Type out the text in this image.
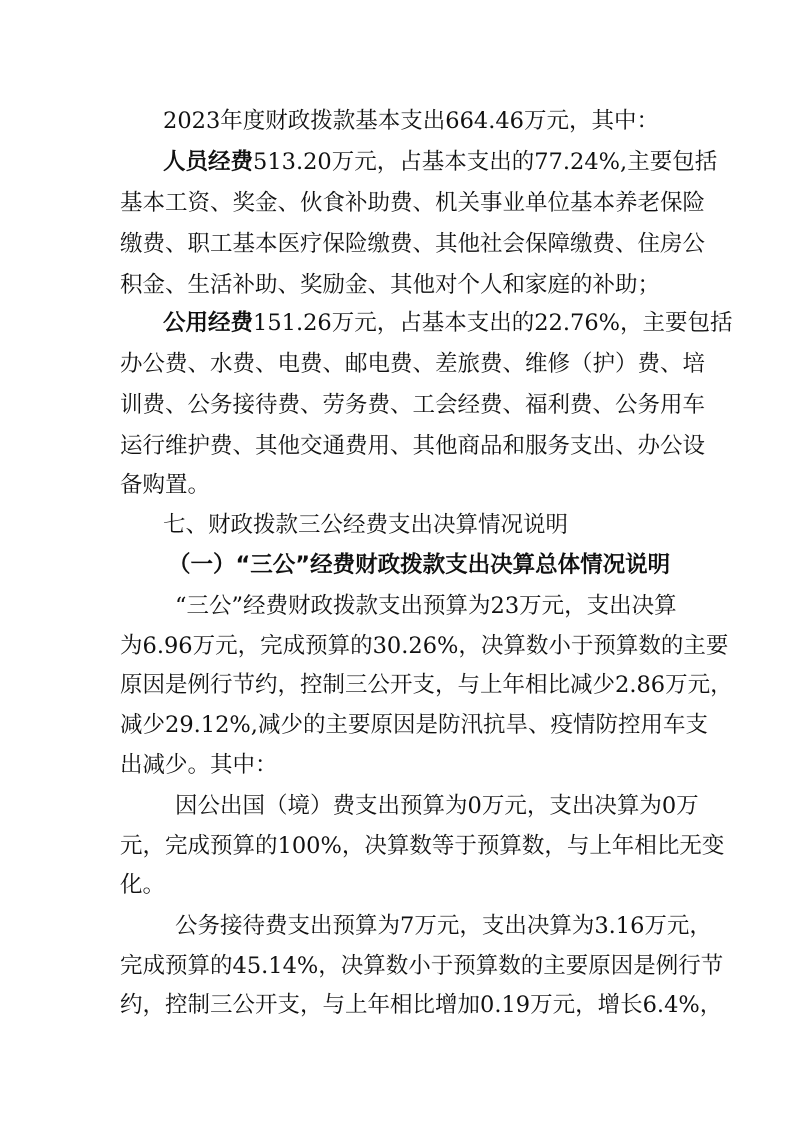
2023年度财政拨款基本支出664.46万元，其中：
人员经费513.20万元，占基本支出的77.24%,主要包括
基本工资、奖金、伙食补助费、机关事业单位基本养老保险
缴费、职工基本医疗保险缴费、其他社会保障缴费、住房公
积金、生活补助、奖励金、其他对个人和家庭的补助；
公用经费151.26万元，占基本支出的22.76%，主要包括
办公费、水费、电费、邮电费、差旅费、维修（护）费、培
训费、公务接待费、劳务费、工会经费、福利费、公务用车
运行维护费、其他交通费用、其他商品和服务支出、办公设
备购置。
七、财政拨款三公经费支出决算情况说明
（一）“三公”经费财政拨款支出决算总体情况说明
“三公”经费财政拨款支出预算为23万元，支出决算
为6.96万元，完成预算的30.26%，决算数小于预算数的主要
原因是例行节约，控制三公开支，与上年相比减少2.86万元，
减少29.12%,减少的主要原因是防汛抗旱、疫情防控用车支
出减少。其中：
因公出国（境）费支出预算为0万元，支出决算为0万
元，完成预算的100%，决算数等于预算数，与上年相比无变
化。
公务接待费支出预算为7万元，支出决算为3.16万元，
完成预算的45.14%，决算数小于预算数的主要原因是例行节
约，控制三公开支，与上年相比增加0.19万元，增长6.4%，
